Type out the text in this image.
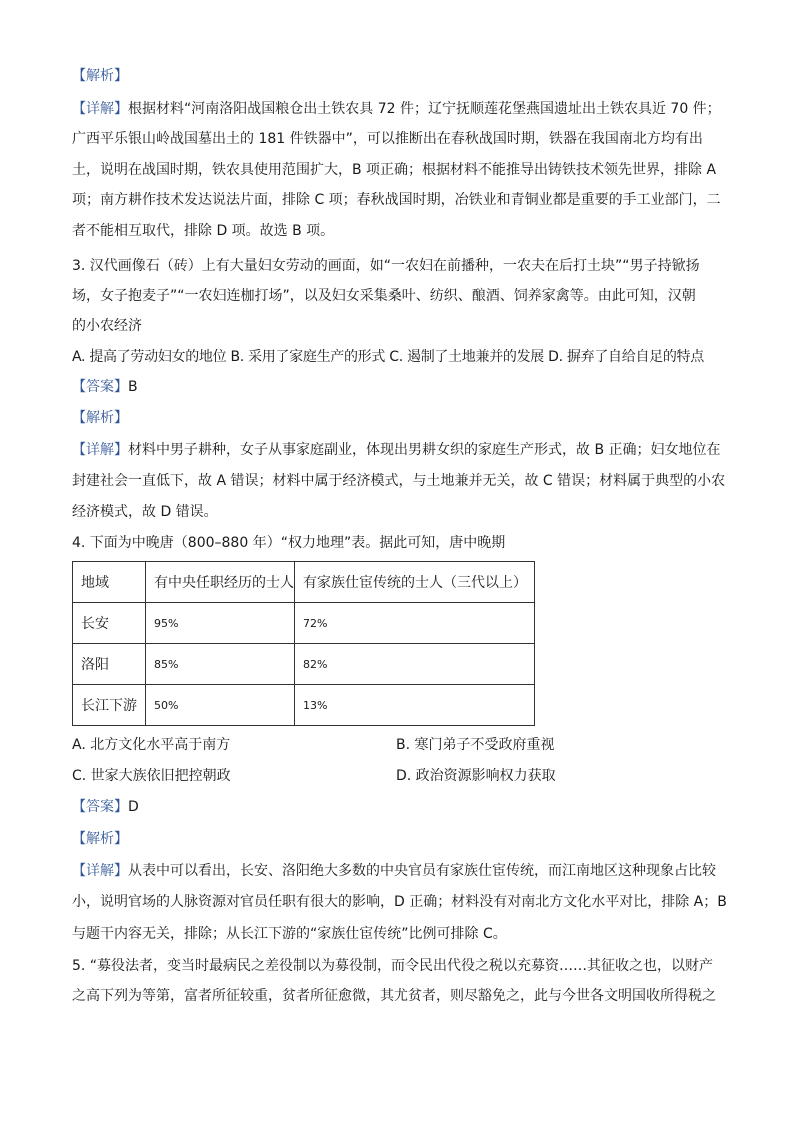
【解析】
【详解】根据材料“河南洛阳战国粮仓出土铁农具 72 件；辽宁抚顺莲花堡燕国遗址出土铁农具近 70 件；
广西平乐银山岭战国墓出土的 181 件铁器中”，可以推断出在春秋战国时期，铁器在我国南北方均有出
土，说明在战国时期，铁农具使用范围扩大，B 项正确；根据材料不能推导出铸铁技术领先世界，排除 A
项；南方耕作技术发达说法片面，排除 C 项；春秋战国时期，冶铁业和青铜业都是重要的手工业部门，二
者不能相互取代，排除 D 项。故选 B 项。
3. 汉代画像石（砖）上有大量妇女劳动的画面，如“一农妇在前播种，一农夫在后打土块”“男子持锨扬
场，女子抱麦子”“一农妇连枷打场”，以及妇女采集桑叶、纺织、酿酒、饲养家禽等。由此可知，汉朝
的小农经济
A. 提高了劳动妇女的地位 B. 采用了家庭生产的形式 C. 遏制了土地兼并的发展 D. 摒弃了自给自足的特点
【答案】B
【解析】
【详解】材料中男子耕种，女子从事家庭副业，体现出男耕女织的家庭生产形式，故 B 正确；妇女地位在
封建社会一直低下，故 A 错误；材料中属于经济模式，与土地兼并无关，故 C 错误；材料属于典型的小农
经济模式，故 D 错误。
4. 下面为中晚唐（800–880 年）“权力地理”表。据此可知，唐中晚期
地域	有中央任职经历的士人	有家族仕宦传统的士人（三代以上）
长安	95%	72%
洛阳	85%	82%
长江下游	50%	13%
A. 北方文化水平高于南方	B. 寒门弟子不受政府重视
C. 世家大族依旧把控朝政	D. 政治资源影响权力获取
【答案】D
【解析】
【详解】从表中可以看出，长安、洛阳绝大多数的中央官员有家族仕宦传统，而江南地区这种现象占比较
小，说明官场的人脉资源对官员任职有很大的影响，D 正确；材料没有对南北方文化水平对比，排除 A；B
与题干内容无关，排除；从长江下游的“家族仕宦传统”比例可排除 C。
5. “募役法者，变当时最病民之差役制以为募役制，而令民出代役之税以充募资……其征收之也，以财产
之高下列为等第，富者所征较重，贫者所征愈微，其尤贫者，则尽豁免之，此与今世各文明国收所得税之
